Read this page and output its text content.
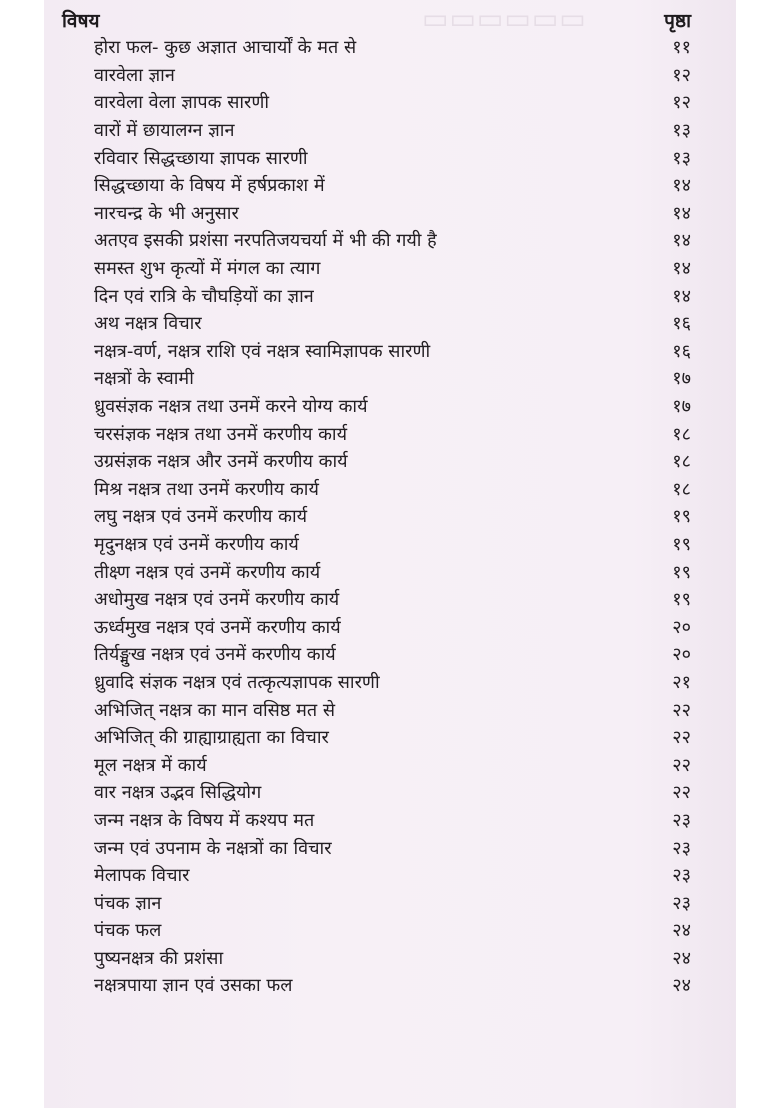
▭▭▭▭▭▭
विषय	पृष्ठा
होरा फल- कुछ अज्ञात आचार्यों के मत से	११
वारवेला ज्ञान	१२
वारवेला वेला ज्ञापक सारणी	१२
वारों में छायालग्न ज्ञान	१३
रविवार सिद्धच्छाया ज्ञापक सारणी	१३
सिद्धच्छाया के विषय में हर्षप्रकाश में	१४
नारचन्द्र के भी अनुसार	१४
अतएव इसकी प्रशंसा नरपतिजयचर्या में भी की गयी है	१४
समस्त शुभ कृत्यों में मंगल का त्याग	१४
दिन एवं रात्रि के चौघड़ियों का ज्ञान	१४
अथ नक्षत्र विचार	१६
नक्षत्र-वर्ण, नक्षत्र राशि एवं नक्षत्र स्वामिज्ञापक सारणी	१६
नक्षत्रों के स्वामी	१७
ध्रुवसंज्ञक नक्षत्र तथा उनमें करने योग्य कार्य	१७
चरसंज्ञक नक्षत्र तथा उनमें करणीय कार्य	१८
उग्रसंज्ञक नक्षत्र और उनमें करणीय कार्य	१८
मिश्र नक्षत्र तथा उनमें करणीय कार्य	१८
लघु नक्षत्र एवं उनमें करणीय कार्य	१९
मृदुनक्षत्र एवं उनमें करणीय कार्य	१९
तीक्ष्ण नक्षत्र एवं उनमें करणीय कार्य	१९
अधोमुख नक्षत्र एवं उनमें करणीय कार्य	१९
ऊर्ध्वमुख नक्षत्र एवं उनमें करणीय कार्य	२०
तिर्यङ्मुख नक्षत्र एवं उनमें करणीय कार्य	२०
ध्रुवादि संज्ञक नक्षत्र एवं तत्कृत्यज्ञापक सारणी	२१
अभिजित् नक्षत्र का मान वसिष्ठ मत से	२२
अभिजित् की ग्राह्याग्राह्यता का विचार	२२
मूल नक्षत्र में कार्य	२२
वार नक्षत्र उद्भव सिद्धियोग	२२
जन्म नक्षत्र के विषय में कश्यप मत	२३
जन्म एवं उपनाम के नक्षत्रों का विचार	२३
मेलापक विचार	२३
पंचक ज्ञान	२३
पंचक फल	२४
पुष्यनक्षत्र की प्रशंसा	२४
नक्षत्रपाया ज्ञान एवं उसका फल	२४
